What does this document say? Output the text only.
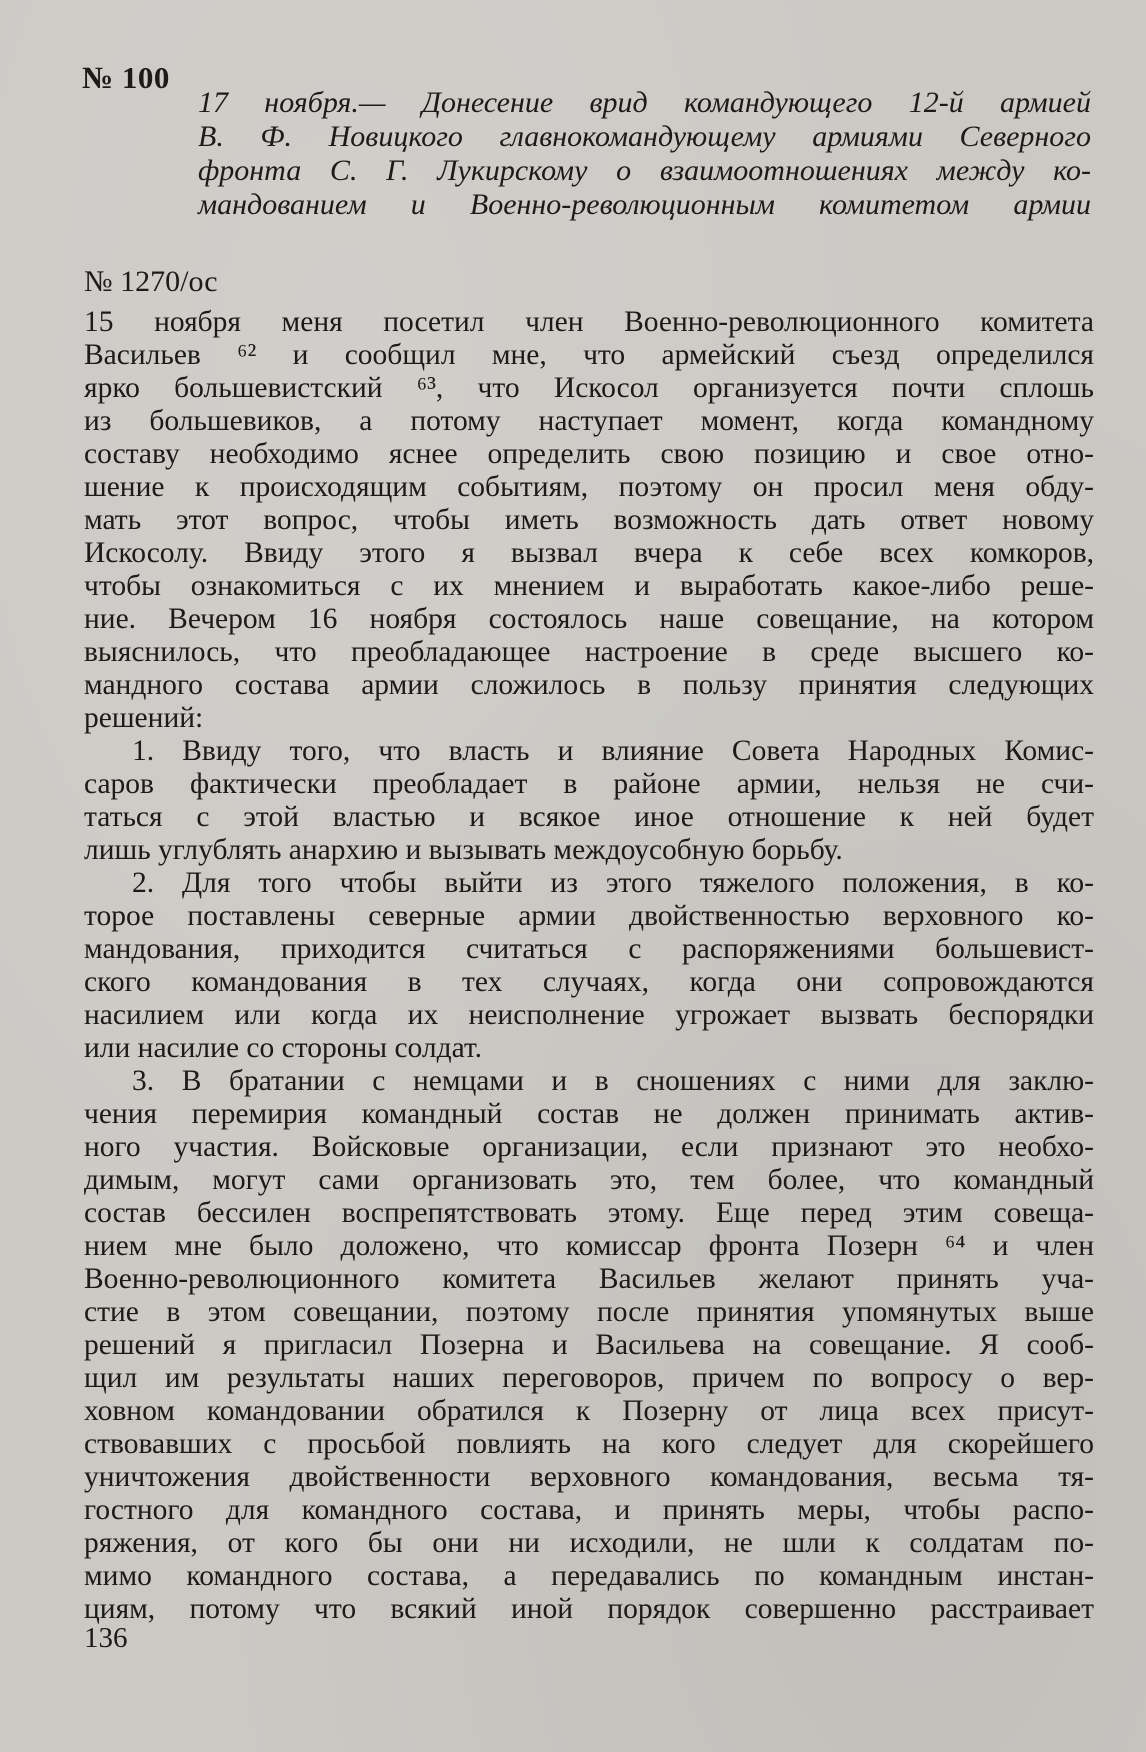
№ 100
17 ноября.— Донесение врид командующего 12-й армией
В. Ф. Новицкого главнокомандующему армиями Северного
фронта С. Г. Лукирскому о взаимоотношениях между ко-
мандованием и Военно-революционным комитетом армии
№ 1270/ос
15 ноября меня посетил член Военно-революционного комитета
Васильев ⁶² и сообщил мне, что армейский съезд определился
ярко большевистский ⁶³, что Искосол организуется почти сплошь
из большевиков, а потому наступает момент, когда командному
составу необходимо яснее определить свою позицию и свое отно-
шение к происходящим событиям, поэтому он просил меня обду-
мать этот вопрос, чтобы иметь возможность дать ответ новому
Искосолу. Ввиду этого я вызвал вчера к себе всех комкоров,
чтобы ознакомиться с их мнением и выработать какое-либо реше-
ние. Вечером 16 ноября состоялось наше совещание, на котором
выяснилось, что преобладающее настроение в среде высшего ко-
мандного состава армии сложилось в пользу принятия следующих
решений:
1. Ввиду того, что власть и влияние Совета Народных Комис-
саров фактически преобладает в районе армии, нельзя не счи-
таться с этой властью и всякое иное отношение к ней будет
лишь углублять анархию и вызывать междоусобную борьбу.
2. Для того чтобы выйти из этого тяжелого положения, в ко-
торое поставлены северные армии двойственностью верховного ко-
мандования, приходится считаться с распоряжениями большевист-
ского командования в тех случаях, когда они сопровождаются
насилием или когда их неисполнение угрожает вызвать беспорядки
или насилие со стороны солдат.
3. В братании с немцами и в сношениях с ними для заклю-
чения перемирия командный состав не должен принимать актив-
ного участия. Войсковые организации, если признают это необхо-
димым, могут сами организовать это, тем более, что командный
состав бессилен воспрепятствовать этому. Еще перед этим совеща-
нием мне было доложено, что комиссар фронта Позерн ⁶⁴ и член
Военно-революционного комитета Васильев желают принять уча-
стие в этом совещании, поэтому после принятия упомянутых выше
решений я пригласил Позерна и Васильева на совещание. Я сооб-
щил им результаты наших переговоров, причем по вопросу о вер-
ховном командовании обратился к Позерну от лица всех присут-
ствовавших с просьбой повлиять на кого следует для скорейшего
уничтожения двойственности верховного командования, весьма тя-
гостного для командного состава, и принять меры, чтобы распо-
ряжения, от кого бы они ни исходили, не шли к солдатам по-
мимо командного состава, а передавались по командным инстан-
циям, потому что всякий иной порядок совершенно расстраивает
136
